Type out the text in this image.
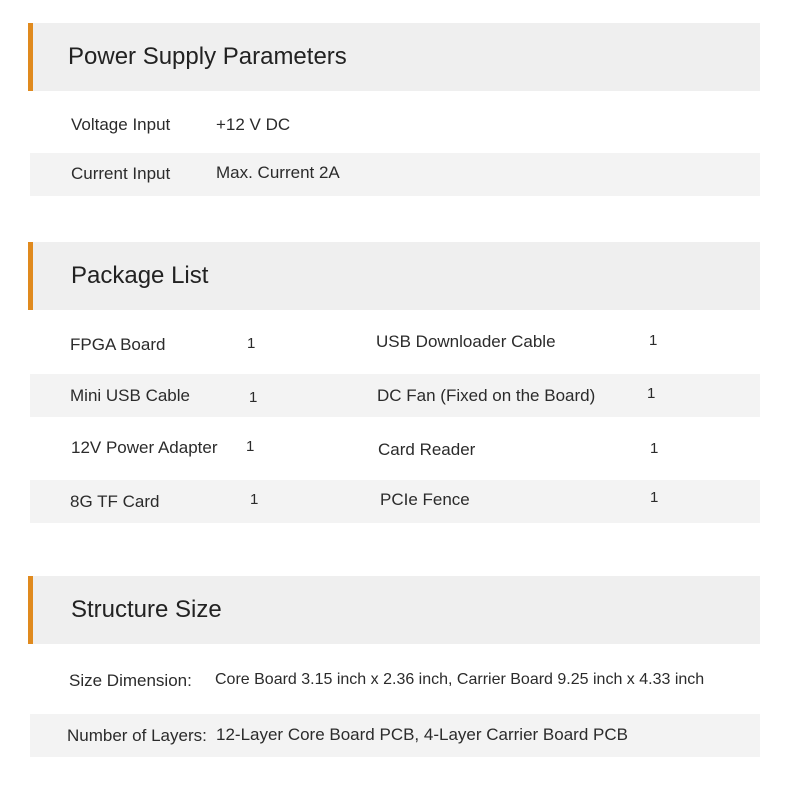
Power Supply Parameters
Voltage Input	+12 V DC
Current Input	Max. Current 2A
Package List
FPGA Board	1	USB Downloader Cable	1
Mini USB Cable	1	DC Fan (Fixed on the Board)	1
12V Power Adapter 1	Card Reader	1
8G TF Card	1	PCIe Fence	1
Structure Size
Size Dimension: Core Board 3.15 inch x 2.36 inch, Carrier Board 9.25 inch x 4.33 inch
Number of Layers: 12-Layer Core Board PCB, 4-Layer Carrier Board PCB
